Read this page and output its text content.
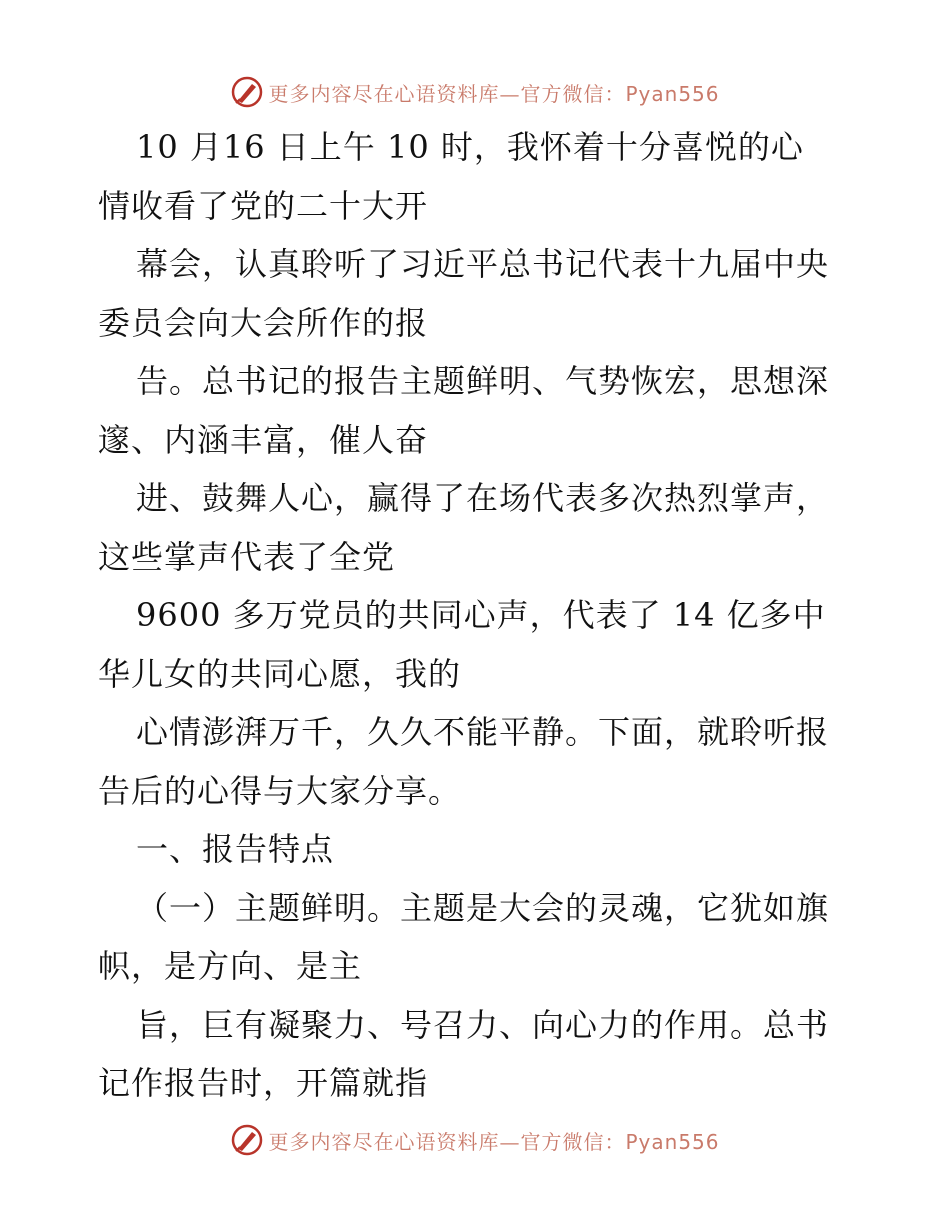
更多内容尽在心语资料库—官方微信：Pyan556
10 月16 日上午 10 时，我怀着十分喜悦的心
情收看了党的二十大开
幕会，认真聆听了习近平总书记代表十九届中央
委员会向大会所作的报
告。总书记的报告主题鲜明、气势恢宏，思想深
邃、内涵丰富，催人奋
进、鼓舞人心，赢得了在场代表多次热烈掌声，
这些掌声代表了全党
9600 多万党员的共同心声，代表了 14 亿多中
华儿女的共同心愿，我的
心情澎湃万千，久久不能平静。下面，就聆听报
告后的心得与大家分享。
一、报告特点
（一）主题鲜明。主题是大会的灵魂，它犹如旗
帜，是方向、是主
旨，巨有凝聚力、号召力、向心力的作用。总书
记作报告时，开篇就指
更多内容尽在心语资料库—官方微信：Pyan556
